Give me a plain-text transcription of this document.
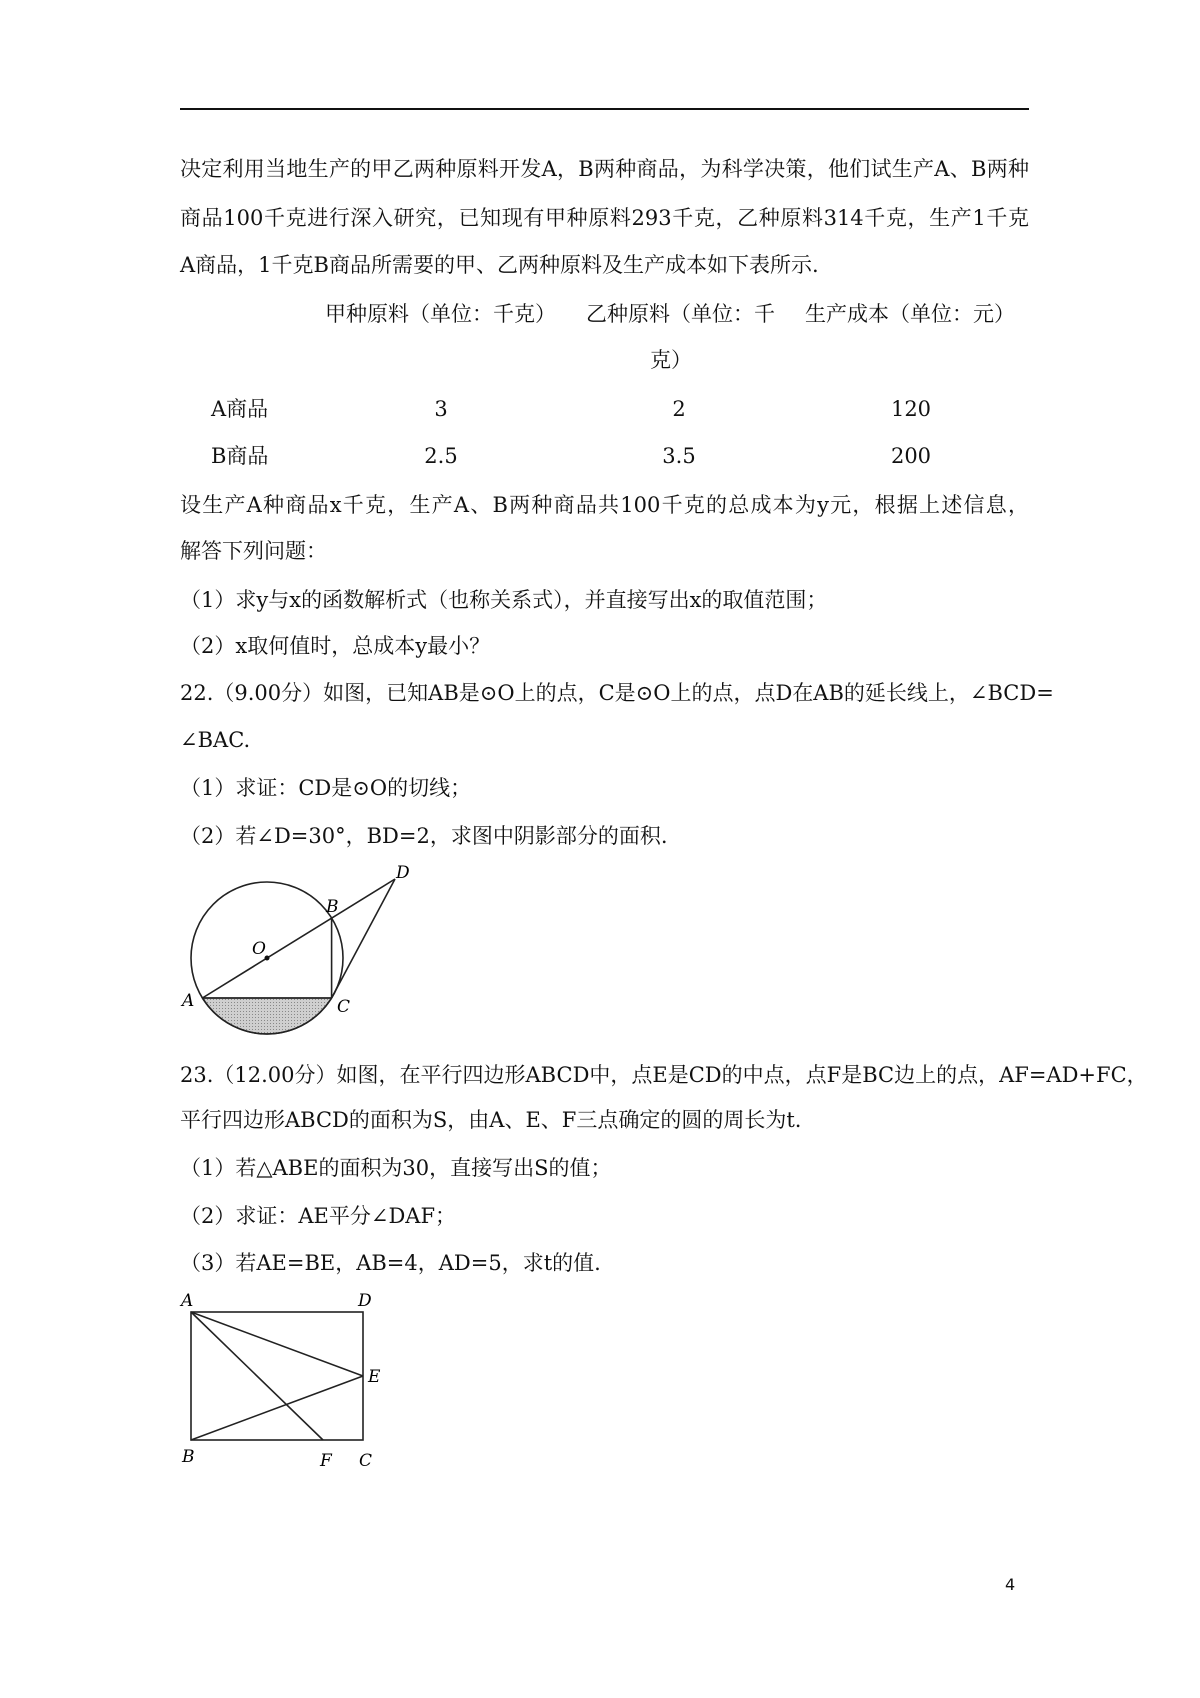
决定利用当地生产的甲乙两种原料开发A，B两种商品，为科学决策，他们试生产A、B两种
商品100千克进行深入研究，已知现有甲种原料293千克，乙种原料314千克，生产1千克
A商品，1千克B商品所需要的甲、乙两种原料及生产成本如下表所示.
甲种原料（单位：千克） 乙种原料（单位：千 生产成本（单位：元）
克）
A商品	3	2	120
B商品	2.5	3.5	200
设生产A种商品x千克，生产A、B两种商品共100千克的总成本为y元，根据上述信息，
解答下列问题：
（1）求y与x的函数解析式（也称关系式），并直接写出x的取值范围；
（2）x取何值时，总成本y最小？
22.（9.00分）如图，已知AB是⊙O上的点，C是⊙O上的点，点D在AB的延长线上，∠BCD=
∠BAC.
（1）求证：CD是⊙O的切线；
（2）若∠D=30°，BD=2，求图中阴影部分的面积.
A
B
C
D
O
23.（12.00分）如图，在平行四边形ABCD中，点E是CD的中点，点F是BC边上的点，AF=AD+FC，
平行四边形ABCD的面积为S，由A、E、F三点确定的圆的周长为t.
（1）若△ABE的面积为30，直接写出S的值；
（2）求证：AE平分∠DAF；
（3）若AE=BE，AB=4，AD=5，求t的值.
A	D
E
B	F C
4
